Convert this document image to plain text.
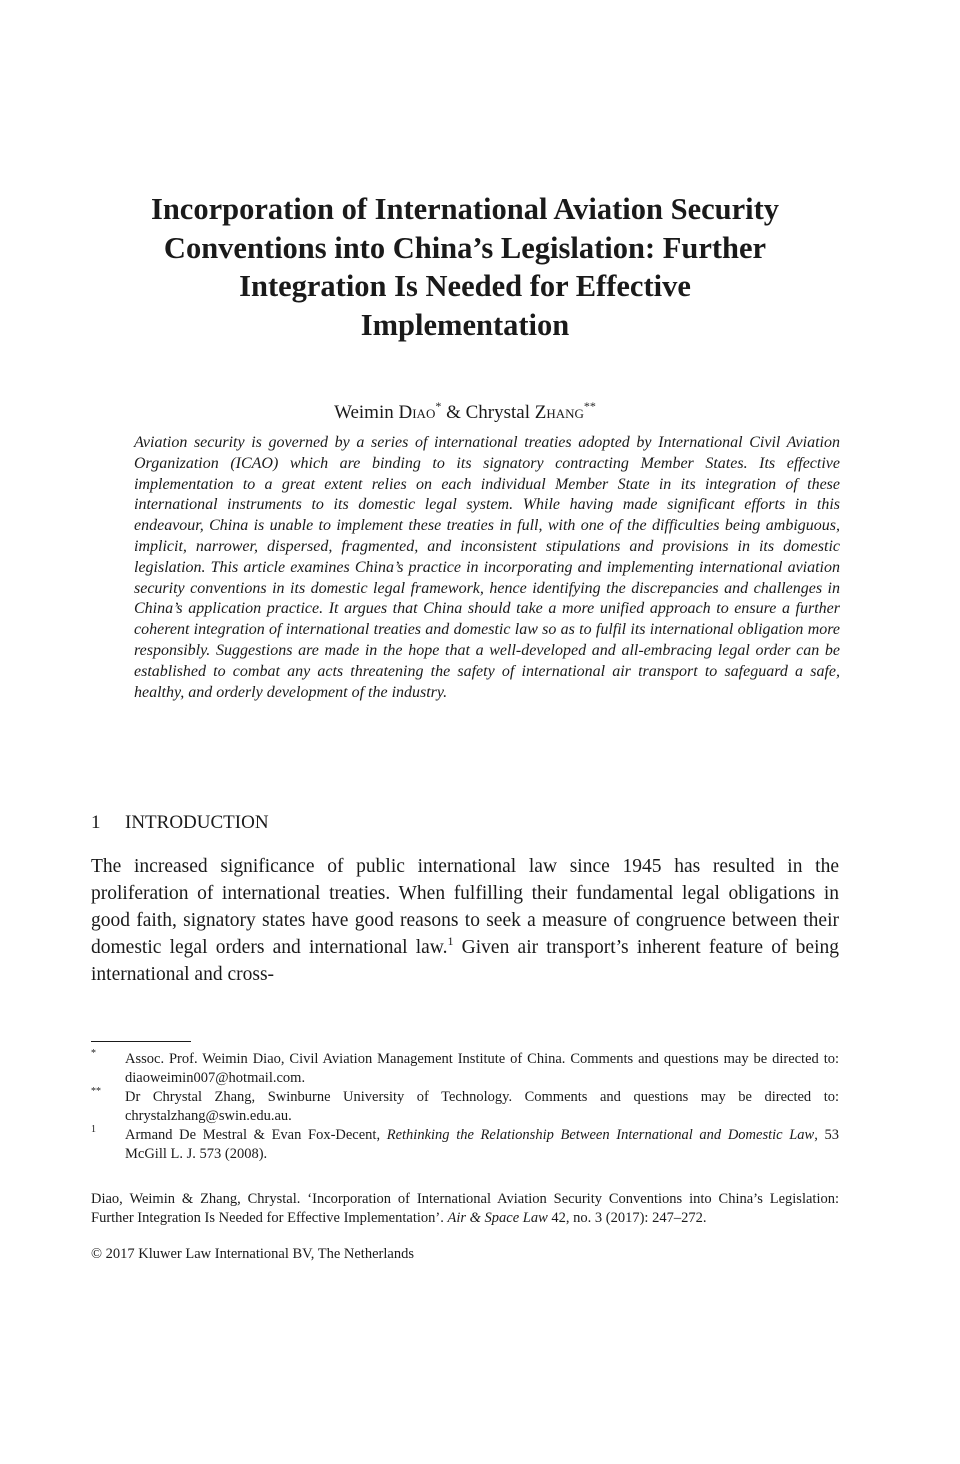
Incorporation of International Aviation Security
Conventions into China’s Legislation: Further
Integration Is Needed for Effective
Implementation
Weimin Diao* & Chrystal Zhang**

Aviation security is governed by a series of international treaties adopted by International Civil Aviation Organization (ICAO) which are binding to its signatory contracting Member States. Its effective implementation to a great extent relies on each individual Member State in its integration of these international instruments to its domestic legal system. While having made significant efforts in this endeavour, China is unable to implement these treaties in full, with one of the difficulties being ambiguous, implicit, narrower, dispersed, fragmented, and inconsistent stipulations and provisions in its domestic legislation. This article examines China’s practice in incorporating and implementing international aviation security conventions in its domestic legal framework, hence identifying the discrepancies and challenges in China’s application practice. It argues that China should take a more unified approach to ensure a further coherent integration of international treaties and domestic law so as to fulfil its international obligation more responsibly. Suggestions are made in the hope that a well-developed and all-embracing legal order can be established to combat any acts threatening the safety of international air transport to safeguard a safe, healthy, and orderly development of the industry.

1 INTRODUCTION

The increased significance of public international law since 1945 has resulted in the proliferation of international treaties. When fulfilling their fundamental legal obligations in good faith, signatory states have good reasons to seek a measure of congruence between their domestic legal orders and international law.$^1$ Given air transport’s inherent feature of being international and cross-

* Assoc. Prof. Weimin Diao, Civil Aviation Management Institute of China. Comments and questions may be directed to: diaoweimin007@hotmail.com.
** Dr Chrystal Zhang, Swinburne University of Technology. Comments and questions may be directed to: chrystalzhang@swin.edu.au.
1 Armand De Mestral & Evan Fox-Decent, Rethinking the Relationship Between International and Domestic Law, 53 McGill L. J. 573 (2008).

Diao, Weimin & Zhang, Chrystal. ‘Incorporation of International Aviation Security Conventions into China’s Legislation: Further Integration Is Needed for Effective Implementation’. Air & Space Law 42, no. 3 (2017): 247–272.

© 2017 Kluwer Law International BV, The Netherlands
